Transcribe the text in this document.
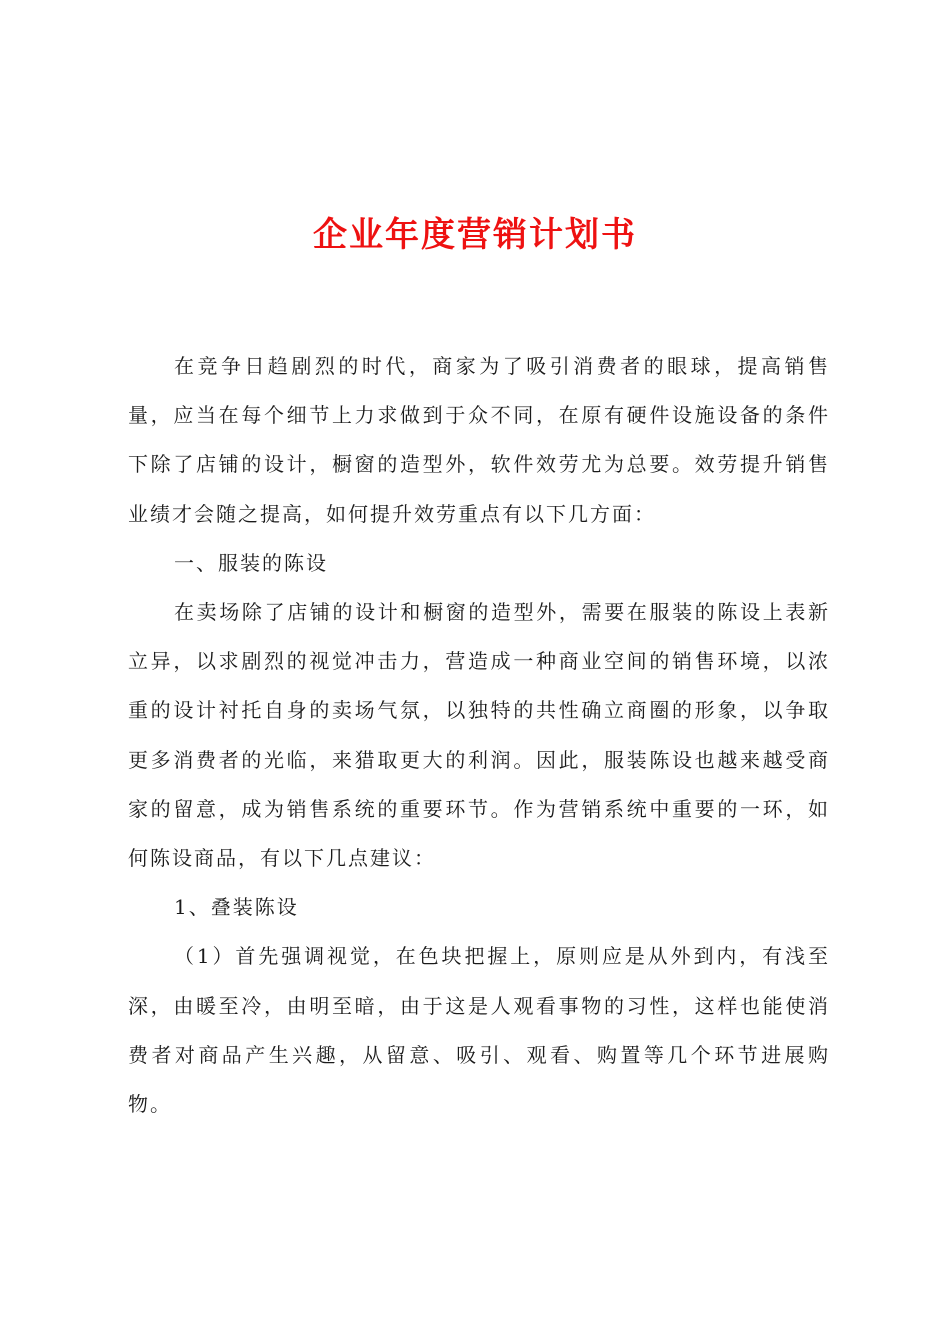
企业年度营销计划书

在竞争日趋剧烈的时代，商家为了吸引消费者的眼球，提高销售量，应当在每个细节上力求做到于众不同，在原有硬件设施设备的条件下除了店铺的设计，橱窗的造型外，软件效劳尤为总要。效劳提升销售业绩才会随之提高，如何提升效劳重点有以下几方面：

一、服装的陈设

在卖场除了店铺的设计和橱窗的造型外，需要在服装的陈设上表新立异，以求剧烈的视觉冲击力，营造成一种商业空间的销售环境，以浓重的设计衬托自身的卖场气氛，以独特的共性确立商圈的形象，以争取更多消费者的光临，来猎取更大的利润。因此，服装陈设也越来越受商家的留意，成为销售系统的重要环节。作为营销系统中重要的一环，如何陈设商品，有以下几点建议：

1、叠装陈设

（1）首先强调视觉，在色块把握上，原则应是从外到内，有浅至深，由暖至冷，由明至暗，由于这是人观看事物的习性，这样也能使消费者对商品产生兴趣，从留意、吸引、观看、购置等几个环节进展购物。
